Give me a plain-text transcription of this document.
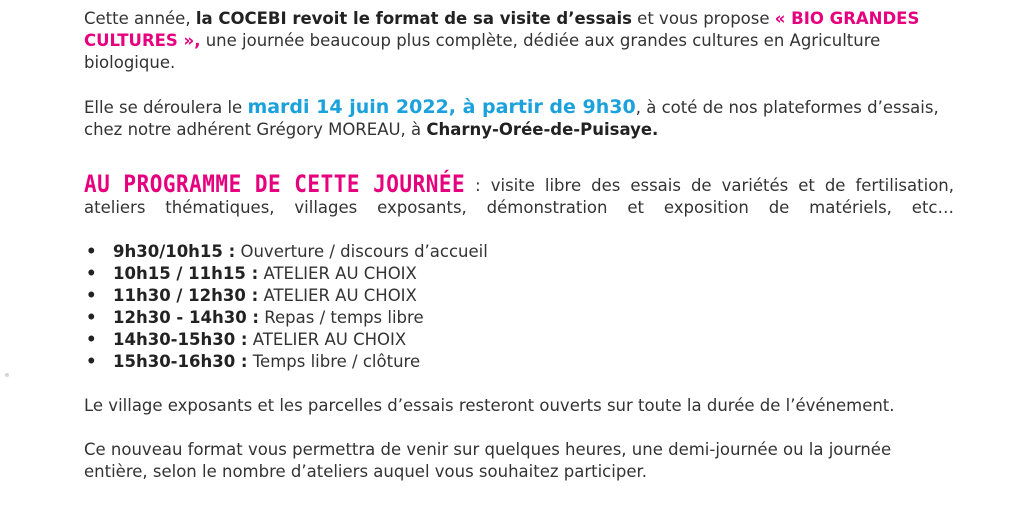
Cette année, la COCEBI revoit le format de sa visite d’essais et vous propose « BIO GRANDES CULTURES », une journée beaucoup plus complète, dédiée aux grandes cultures en Agriculture biologique.

Elle se déroulera le mardi 14 juin 2022, à partir de 9h30, à coté de nos plateformes d’essais, chez notre adhérent Grégory MOREAU, à Charny-Orée-de-Puisaye.

AU PROGRAMME DE CETTE JOURNÉE : visite libre des essais de variétés et de fertilisation,

ateliers thématiques, villages exposants, démonstration et exposition de matériels, etc…

• 9h30/10h15 : Ouverture / discours d’accueil
• 10h15 / 11h15 : ATELIER AU CHOIX
• 11h30 / 12h30 : ATELIER AU CHOIX
• 12h30 - 14h30 : Repas / temps libre
• 14h30-15h30 : ATELIER AU CHOIX
• 15h30-16h30 : Temps libre / clôture

Le village exposants et les parcelles d’essais resteront ouverts sur toute la durée de l’événement.

Ce nouveau format vous permettra de venir sur quelques heures, une demi-journée ou la journée entière, selon le nombre d’ateliers auquel vous souhaitez participer.
